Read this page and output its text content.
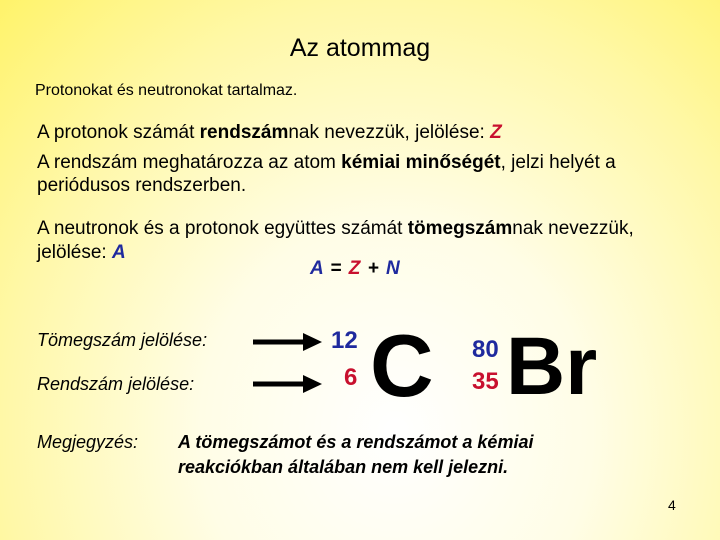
Az atommag
Protonokat és neutronokat tartalmaz.
A protonok számát rendszámnak nevezzük, jelölése: Z
A rendszám meghatározza az atom kémiai minőségét, jelzi helyét a
periódusos rendszerben.
A neutronok és a protonok együttes számát tömegszámnak nevezzük,
jelölése: A
A = Z + N
Tömegszám jelölése:
Rendszám jelölése:
12
6 C 80
35 Br
Megjegyzés: A tömegszámot és a rendszámot a kémiai
reakciókban általában nem kell jelezni.
4
